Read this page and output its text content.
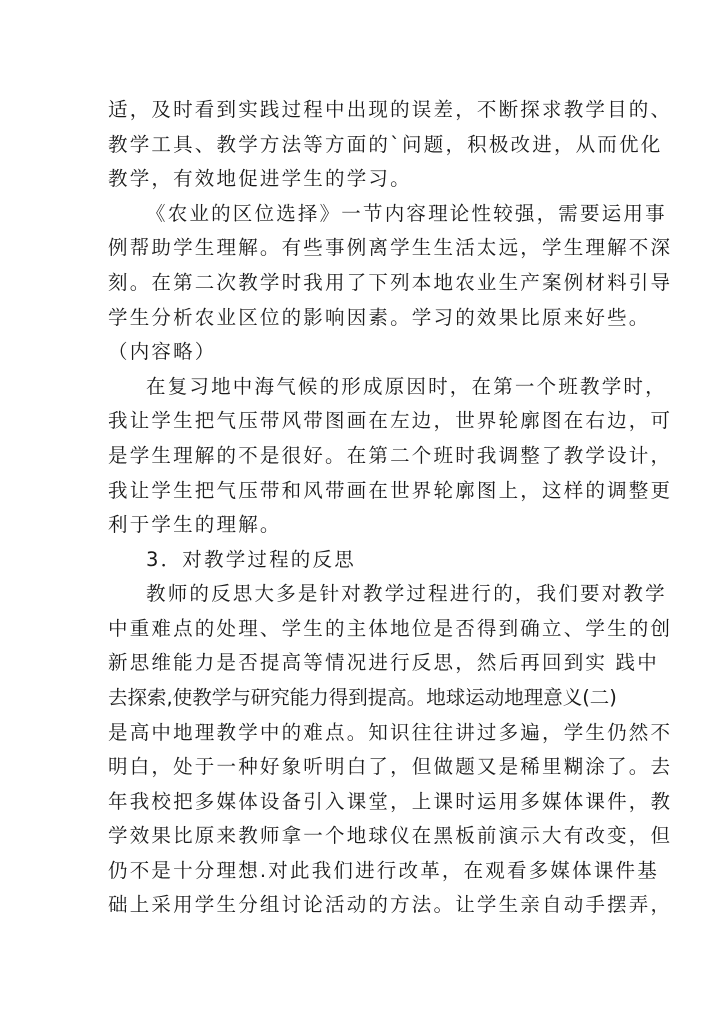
适，及时看到实践过程中出现的误差，不断探求教学目的、
教学工具、教学方法等方面的`问题，积极改进，从而优化
教学，有效地促进学生的学习。
《农业的区位选择》一节内容理论性较强，需要运用事
例帮助学生理解。有些事例离学生生活太远，学生理解不深
刻。在第二次教学时我用了下列本地农业生产案例材料引导
学生分析农业区位的影响因素。学习的效果比原来好些。
（内容略）
在复习地中海气候的形成原因时，在第一个班教学时，
我让学生把气压带风带图画在左边，世界轮廓图在右边，可
是学生理解的不是很好。在第二个班时我调整了教学设计，
我让学生把气压带和风带画在世界轮廓图上，这样的调整更
利于学生的理解。
3．对教学过程的反思
教师的反思大多是针对教学过程进行的，我们要对教学
中重难点的处理、学生的主体地位是否得到确立、学生的创
新思维能力是否提高等情况进行反思，然后再回到实 践中
去探索,使教学与研究能力得到提高。地球运动地理意义(二)
是高中地理教学中的难点。知识往往讲过多遍，学生仍然不
明白，处于一种好象听明白了，但做题又是稀里糊涂了。去
年我校把多媒体设备引入课堂，上课时运用多媒体课件，教
学效果比原来教师拿一个地球仪在黑板前演示大有改变，但
仍不是十分理想.对此我们进行改革，在观看多媒体课件基
础上采用学生分组讨论活动的方法。让学生亲自动手摆弄，
